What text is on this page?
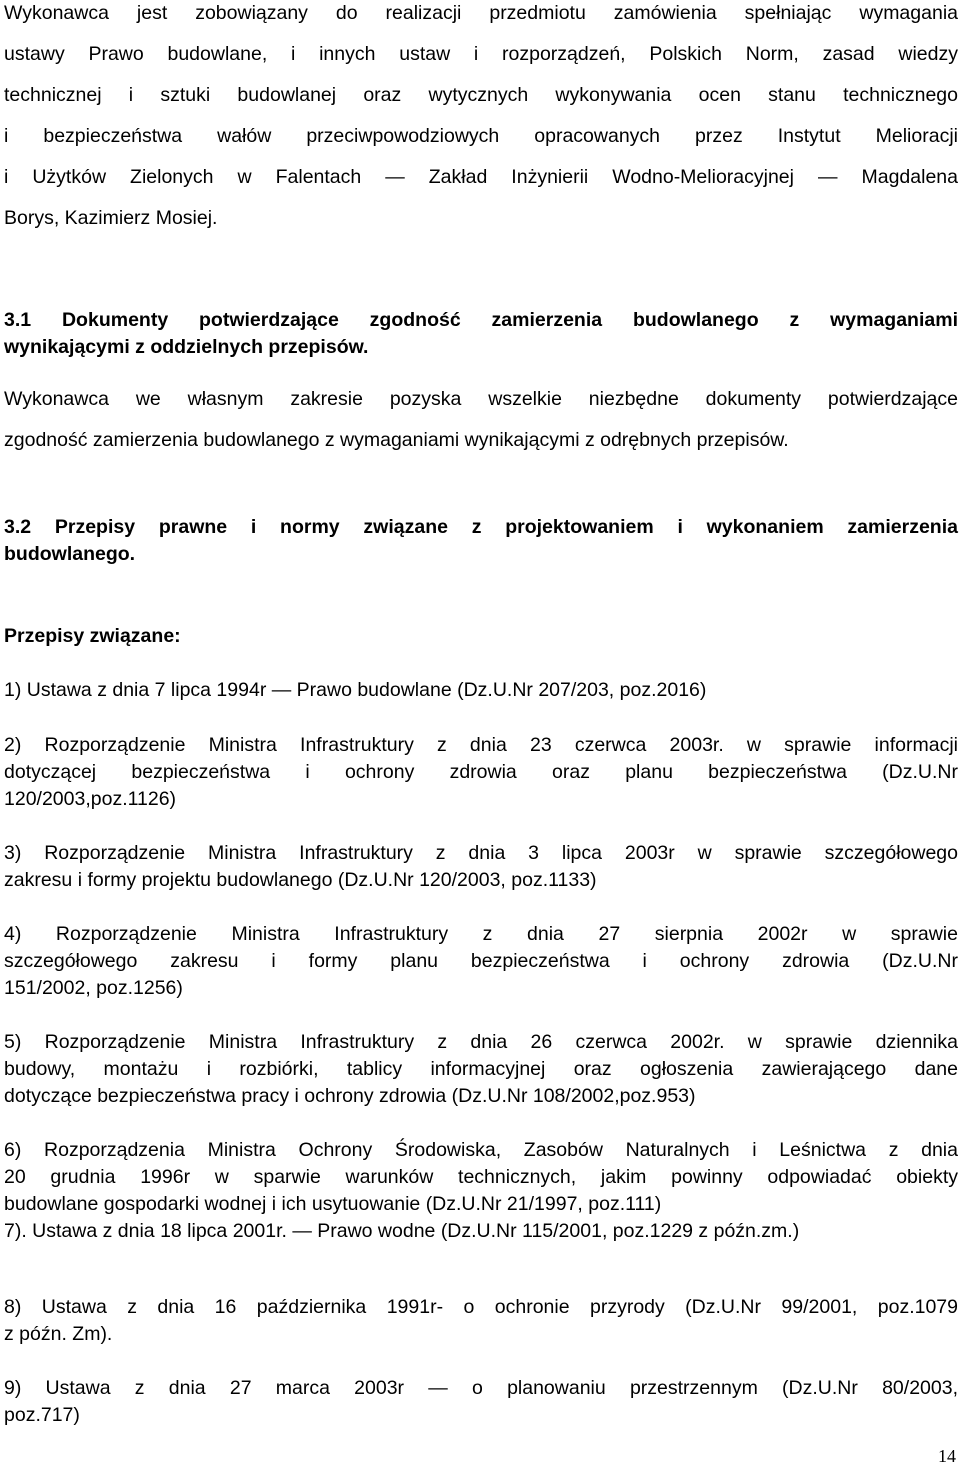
Wykonawca jest zobowiązany do realizacji przedmiotu zamówienia spełniając wymagania
ustawy Prawo budowlane, i innych ustaw i rozporządzeń, Polskich Norm, zasad wiedzy
technicznej i sztuki budowlanej oraz wytycznych wykonywania ocen stanu technicznego
i bezpieczeństwa wałów przeciwpowodziowych opracowanych przez Instytut Melioracji
i Użytków Zielonych w Falentach — Zakład Inżynierii Wodno-Melioracyjnej — Magdalena
Borys, Kazimierz Mosiej.
3.1 Dokumenty potwierdzające zgodność zamierzenia budowlanego z wymaganiami
wynikającymi z oddzielnych przepisów.
Wykonawca we własnym zakresie pozyska wszelkie niezbędne dokumenty potwierdzające
zgodność zamierzenia budowlanego z wymaganiami wynikającymi z odrębnych przepisów.
3.2 Przepisy prawne i normy związane z projektowaniem i wykonaniem zamierzenia
budowlanego.
Przepisy związane:
1) Ustawa z dnia 7 lipca 1994r — Prawo budowlane (Dz.U.Nr 207/203, poz.2016)
2) Rozporządzenie Ministra Infrastruktury z dnia 23 czerwca 2003r. w sprawie informacji
dotyczącej bezpieczeństwa i ochrony zdrowia oraz planu bezpieczeństwa (Dz.U.Nr
120/2003,poz.1126)
3) Rozporządzenie Ministra Infrastruktury z dnia 3 lipca 2003r w sprawie szczegółowego
zakresu i formy projektu budowlanego (Dz.U.Nr 120/2003, poz.1133)
4) Rozporządzenie Ministra Infrastruktury z dnia 27 sierpnia 2002r w sprawie
szczegółowego zakresu i formy planu bezpieczeństwa i ochrony zdrowia (Dz.U.Nr
151/2002, poz.1256)
5) Rozporządzenie Ministra Infrastruktury z dnia 26 czerwca 2002r. w sprawie dziennika
budowy, montażu i rozbiórki, tablicy informacyjnej oraz ogłoszenia zawierającego dane
dotyczące bezpieczeństwa pracy i ochrony zdrowia (Dz.U.Nr 108/2002,poz.953)
6) Rozporządzenia Ministra Ochrony Środowiska, Zasobów Naturalnych i Leśnictwa z dnia
20 grudnia 1996r w sparwie warunków technicznych, jakim powinny odpowiadać obiekty
budowlane gospodarki wodnej i ich usytuowanie (Dz.U.Nr 21/1997, poz.111)
7). Ustawa z dnia 18 lipca 2001r. — Prawo wodne (Dz.U.Nr 115/2001, poz.1229 z późn.zm.)
8) Ustawa z dnia 16 października 1991r- o ochronie przyrody (Dz.U.Nr 99/2001, poz.1079
z późn. Zm).
9) Ustawa z dnia 27 marca 2003r — o planowaniu przestrzennym (Dz.U.Nr 80/2003,
poz.717)
14
